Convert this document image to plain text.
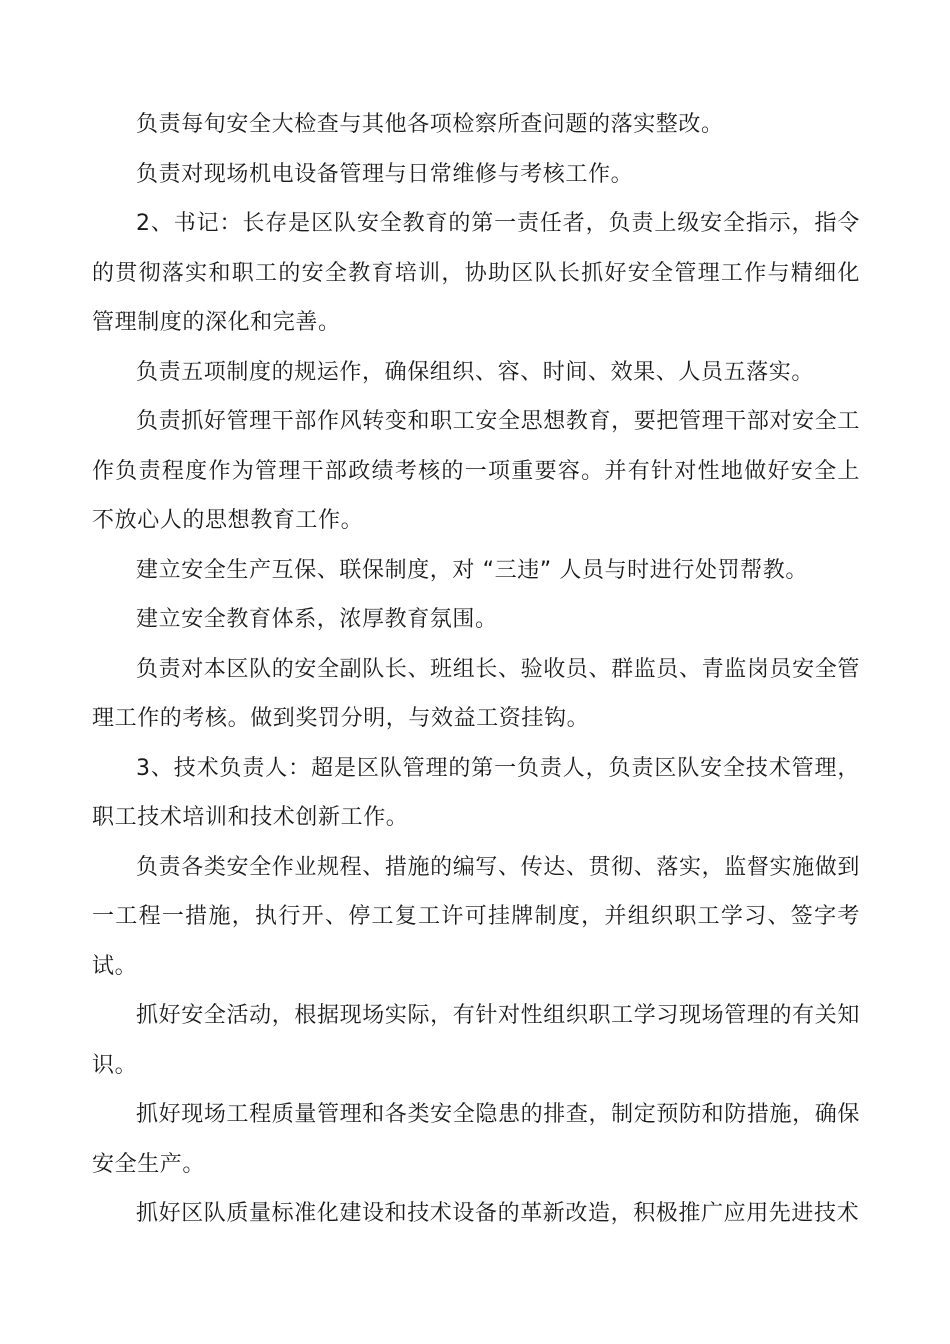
负责每旬安全大检查与其他各项检察所查问题的落实整改。

负责对现场机电设备管理与日常维修与考核工作。

2、书记：长存是区队安全教育的第一责任者，负责上级安全指示，指令的贯彻落实和职工的安全教育培训，协助区队长抓好安全管理工作与精细化管理制度的深化和完善。

负责五项制度的规运作，确保组织、容、时间、效果、人员五落实。

负责抓好管理干部作风转变和职工安全思想教育，要把管理干部对安全工作负责程度作为管理干部政绩考核的一项重要容。并有针对性地做好安全上不放心人的思想教育工作。

建立安全生产互保、联保制度，对 “三违” 人员与时进行处罚帮教。

建立安全教育体系，浓厚教育氛围。

负责对本区队的安全副队长、班组长、验收员、群监员、青监岗员安全管理工作的考核。做到奖罚分明，与效益工资挂钩。

3、技术负责人：超是区队管理的第一负责人，负责区队安全技术管理，职工技术培训和技术创新工作。

负责各类安全作业规程、措施的编写、传达、贯彻、落实，监督实施做到一工程一措施，执行开、停工复工许可挂牌制度，并组织职工学习、签字考试。

抓好安全活动，根据现场实际，有针对性组织职工学习现场管理的有关知识。

抓好现场工程质量管理和各类安全隐患的排查，制定预防和防措施，确保安全生产。

抓好区队质量标准化建设和技术设备的革新改造，积极推广应用先进技术
